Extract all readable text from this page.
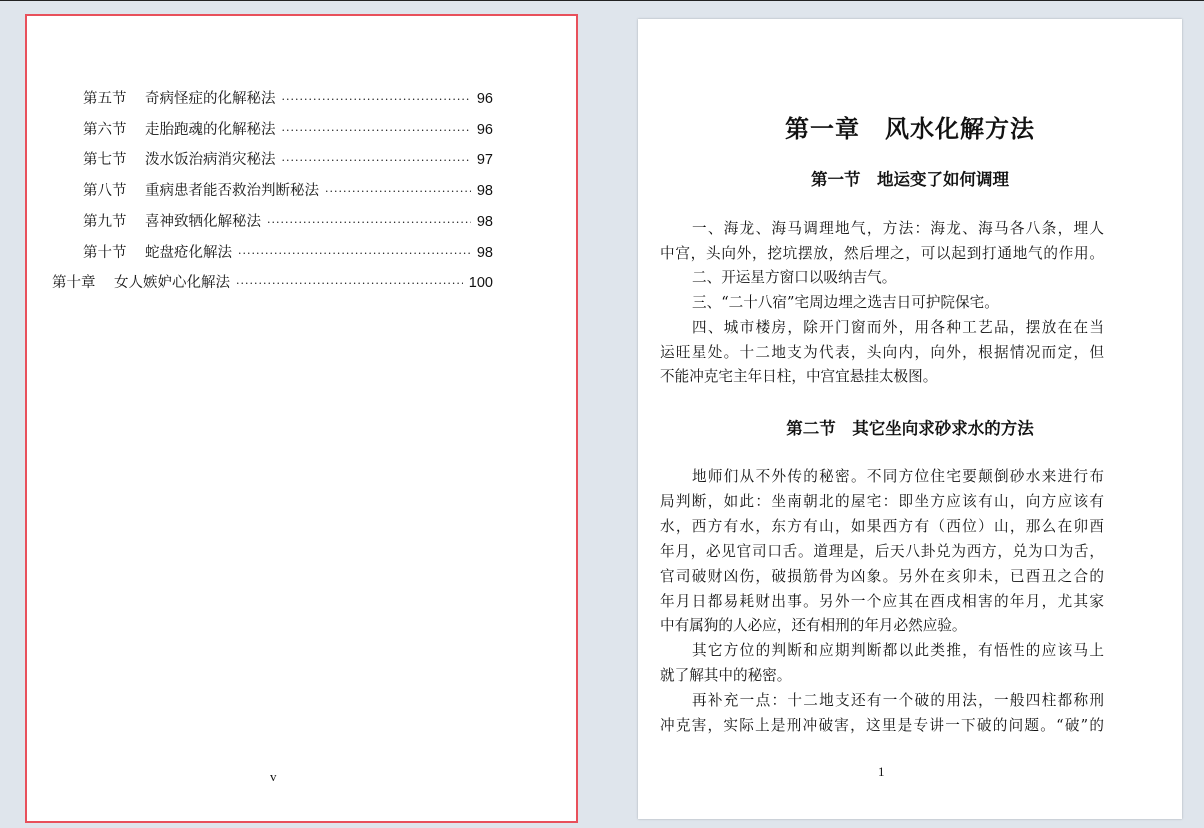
第五节	奇病怪症的化解秘法 ·····	96
第六节	走胎跑魂的化解秘法 ·····	96
第七节	泼水饭治病消灾秘法 ·····	97
第八节	重病患者能否救治判断秘法 ·····	98
第九节	喜神致牺化解秘法 ·····	98
第十节	蛇盘疮化解法 ·····	98
第十章	女人嫉妒心化解法 ·····	100
v
第一章　风水化解方法
第一节　地运变了如何调理
一、海龙、海马调理地气，方法：海龙、海马各八条，埋人
中宫，头向外，挖坑摆放，然后埋之，可以起到打通地气的作用。
二、开运星方窗口以吸纳吉气。
三、“二十八宿”宅周边埋之选吉日可护院保宅。
四、城市楼房，除开门窗而外，用各种工艺品，摆放在在当
运旺星处。十二地支为代表，头向内，向外，根据情况而定，但
不能冲克宅主年日柱，中宫宜悬挂太极图。
第二节　其它坐向求砂求水的方法
地师们从不外传的秘密。不同方位住宅要颠倒砂水来进行布
局判断，如此：坐南朝北的屋宅：即坐方应该有山，向方应该有
水，西方有水，东方有山，如果西方有（西位）山，那么在卯酉
年月，必见官司口舌。道理是，后天八卦兑为西方，兑为口为舌，
官司破财凶伤，破损筋骨为凶象。另外在亥卯未，已酉丑之合的
年月日都易耗财出事。另外一个应其在酉戌相害的年月，尤其家
中有属狗的人必应，还有相刑的年月必然应验。
其它方位的判断和应期判断都以此类推，有悟性的应该马上
就了解其中的秘密。
再补充一点：十二地支还有一个破的用法，一般四柱都称刑
冲克害，实际上是刑冲破害，这里是专讲一下破的问题。“破”的
1
